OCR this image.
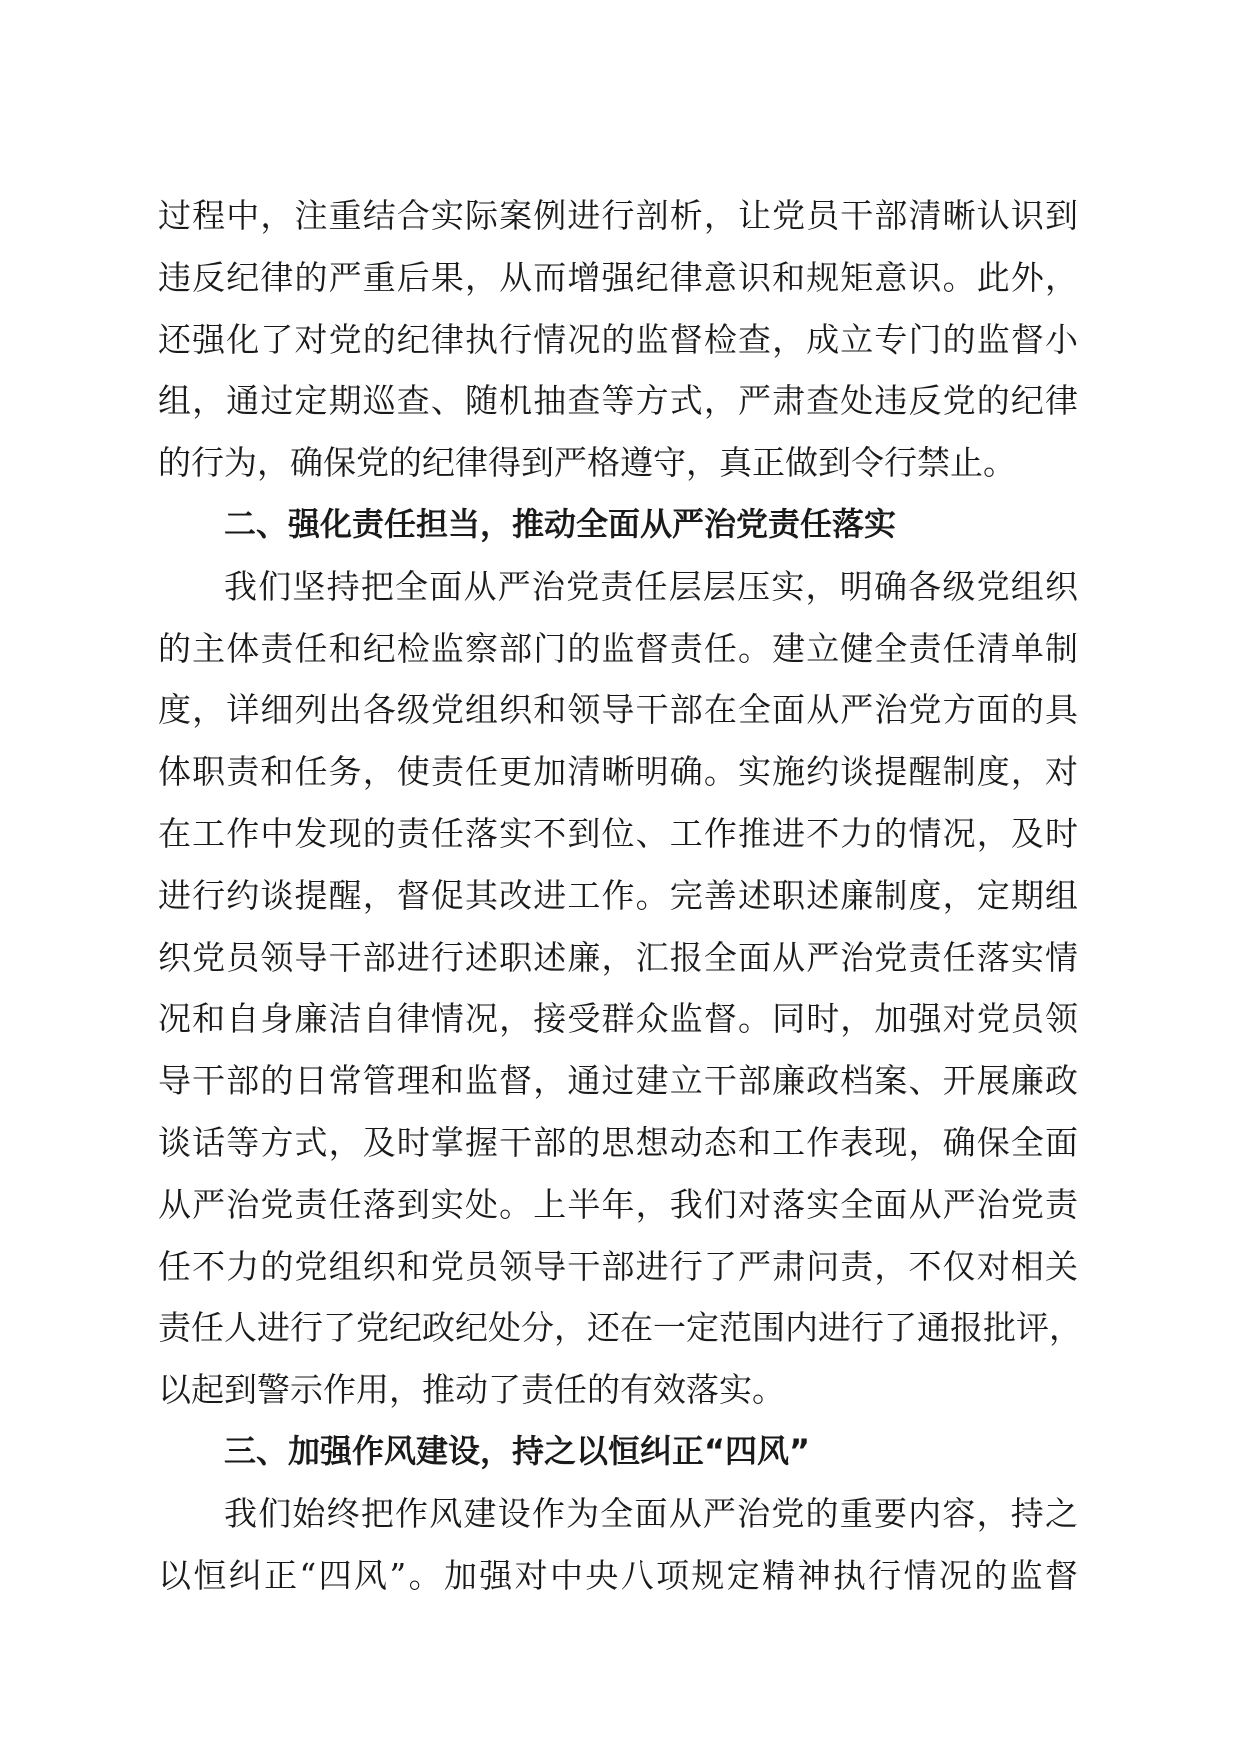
过程中，注重结合实际案例进行剖析，让党员干部清晰认识到
违反纪律的严重后果，从而增强纪律意识和规矩意识。此外，
还强化了对党的纪律执行情况的监督检查，成立专门的监督小
组，通过定期巡查、随机抽查等方式，严肃查处违反党的纪律
的行为，确保党的纪律得到严格遵守，真正做到令行禁止。
二、强化责任担当，推动全面从严治党责任落实
我们坚持把全面从严治党责任层层压实，明确各级党组织
的主体责任和纪检监察部门的监督责任。建立健全责任清单制
度，详细列出各级党组织和领导干部在全面从严治党方面的具
体职责和任务，使责任更加清晰明确。实施约谈提醒制度，对
在工作中发现的责任落实不到位、工作推进不力的情况，及时
进行约谈提醒，督促其改进工作。完善述职述廉制度，定期组
织党员领导干部进行述职述廉，汇报全面从严治党责任落实情
况和自身廉洁自律情况，接受群众监督。同时，加强对党员领
导干部的日常管理和监督，通过建立干部廉政档案、开展廉政
谈话等方式，及时掌握干部的思想动态和工作表现，确保全面
从严治党责任落到实处。上半年，我们对落实全面从严治党责
任不力的党组织和党员领导干部进行了严肃问责，不仅对相关
责任人进行了党纪政纪处分，还在一定范围内进行了通报批评，
以起到警示作用，推动了责任的有效落实。
三、加强作风建设，持之以恒纠正“四风”
我们始终把作风建设作为全面从严治党的重要内容，持之
以恒纠正“四风”。加强对中央八项规定精神执行情况的监督
